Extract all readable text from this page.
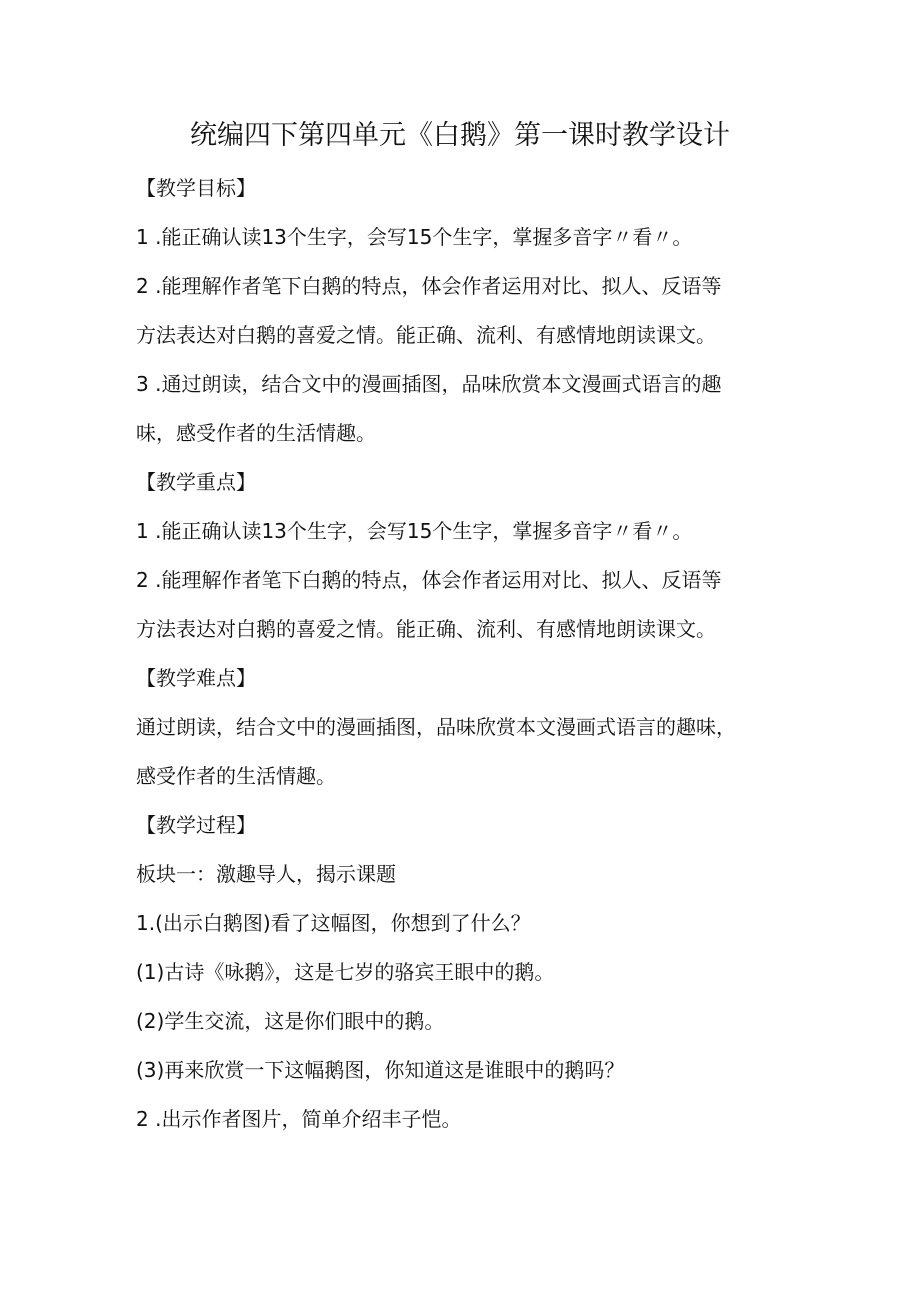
统编四下第四单元《白鹅》第一课时教学设计
【教学目标】
1 .能正确认读13个生字，会写15个生字，掌握多音字〃看〃。
2 .能理解作者笔下白鹅的特点，体会作者运用对比、拟人、反语等
方法表达对白鹅的喜爱之情。能正确、流利、有感情地朗读课文。
3 .通过朗读，结合文中的漫画插图，品味欣赏本文漫画式语言的趣
味，感受作者的生活情趣。
【教学重点】
1 .能正确认读13个生字，会写15个生字，掌握多音字〃看〃。
2 .能理解作者笔下白鹅的特点，体会作者运用对比、拟人、反语等
方法表达对白鹅的喜爱之情。能正确、流利、有感情地朗读课文。
【教学难点】
通过朗读，结合文中的漫画插图，品味欣赏本文漫画式语言的趣味，
感受作者的生活情趣。
【教学过程】
板块一：激趣导人，揭示课题
1.(出示白鹅图)看了这幅图，你想到了什么？
(1)古诗《咏鹅》，这是七岁的骆宾王眼中的鹅。
(2)学生交流，这是你们眼中的鹅。
(3)再来欣赏一下这幅鹅图，你知道这是谁眼中的鹅吗？
2 .出示作者图片，简单介绍丰子恺。
